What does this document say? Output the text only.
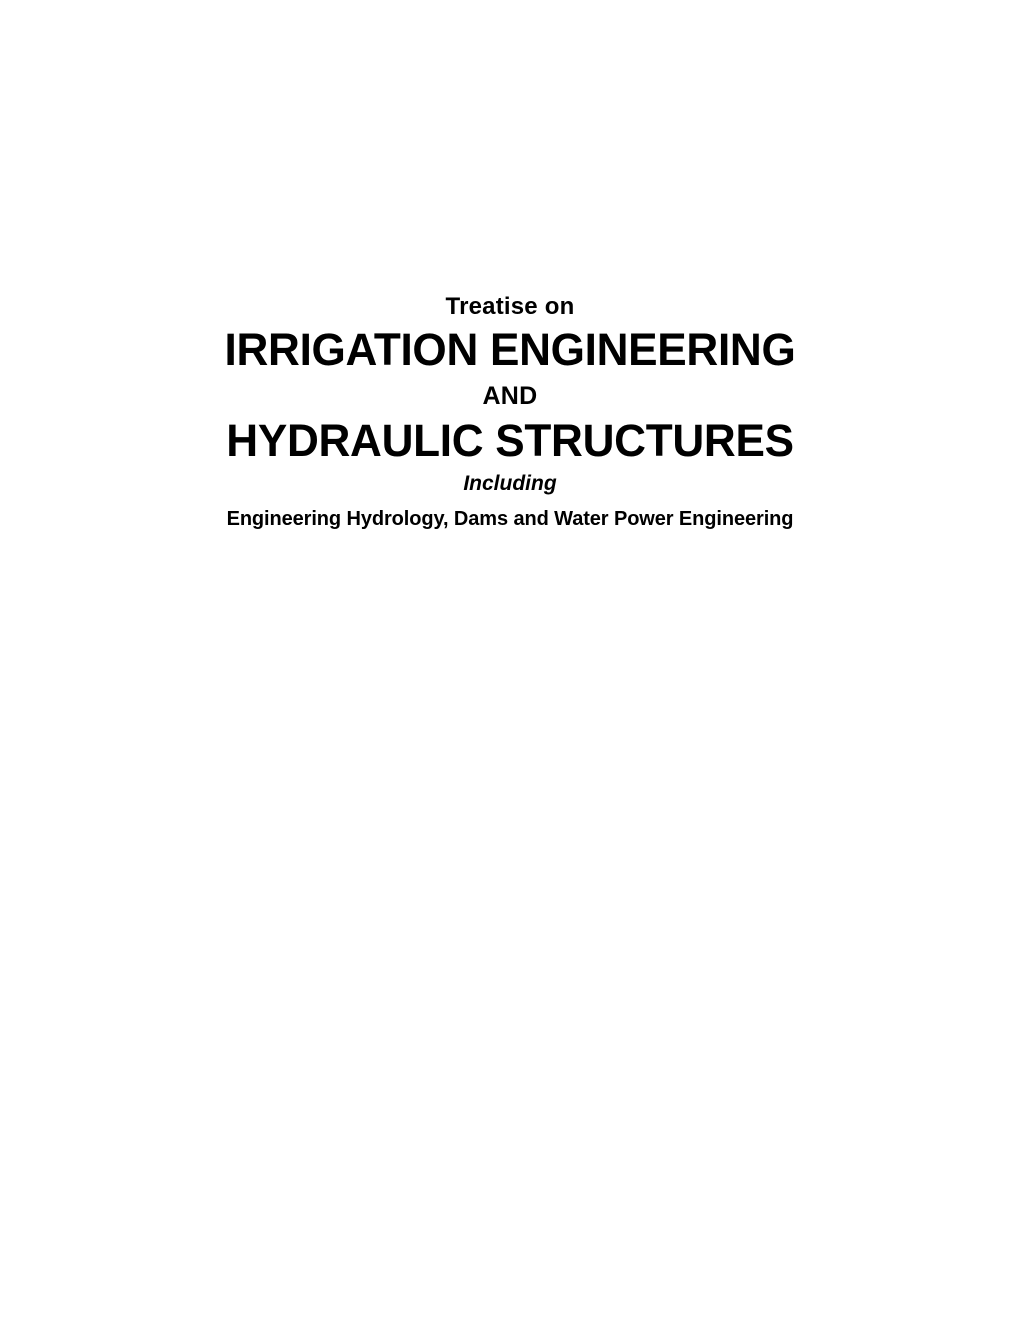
Treatise on
IRRIGATION ENGINEERING
AND
HYDRAULIC STRUCTURES
Including
Engineering Hydrology, Dams and Water Power Engineering
